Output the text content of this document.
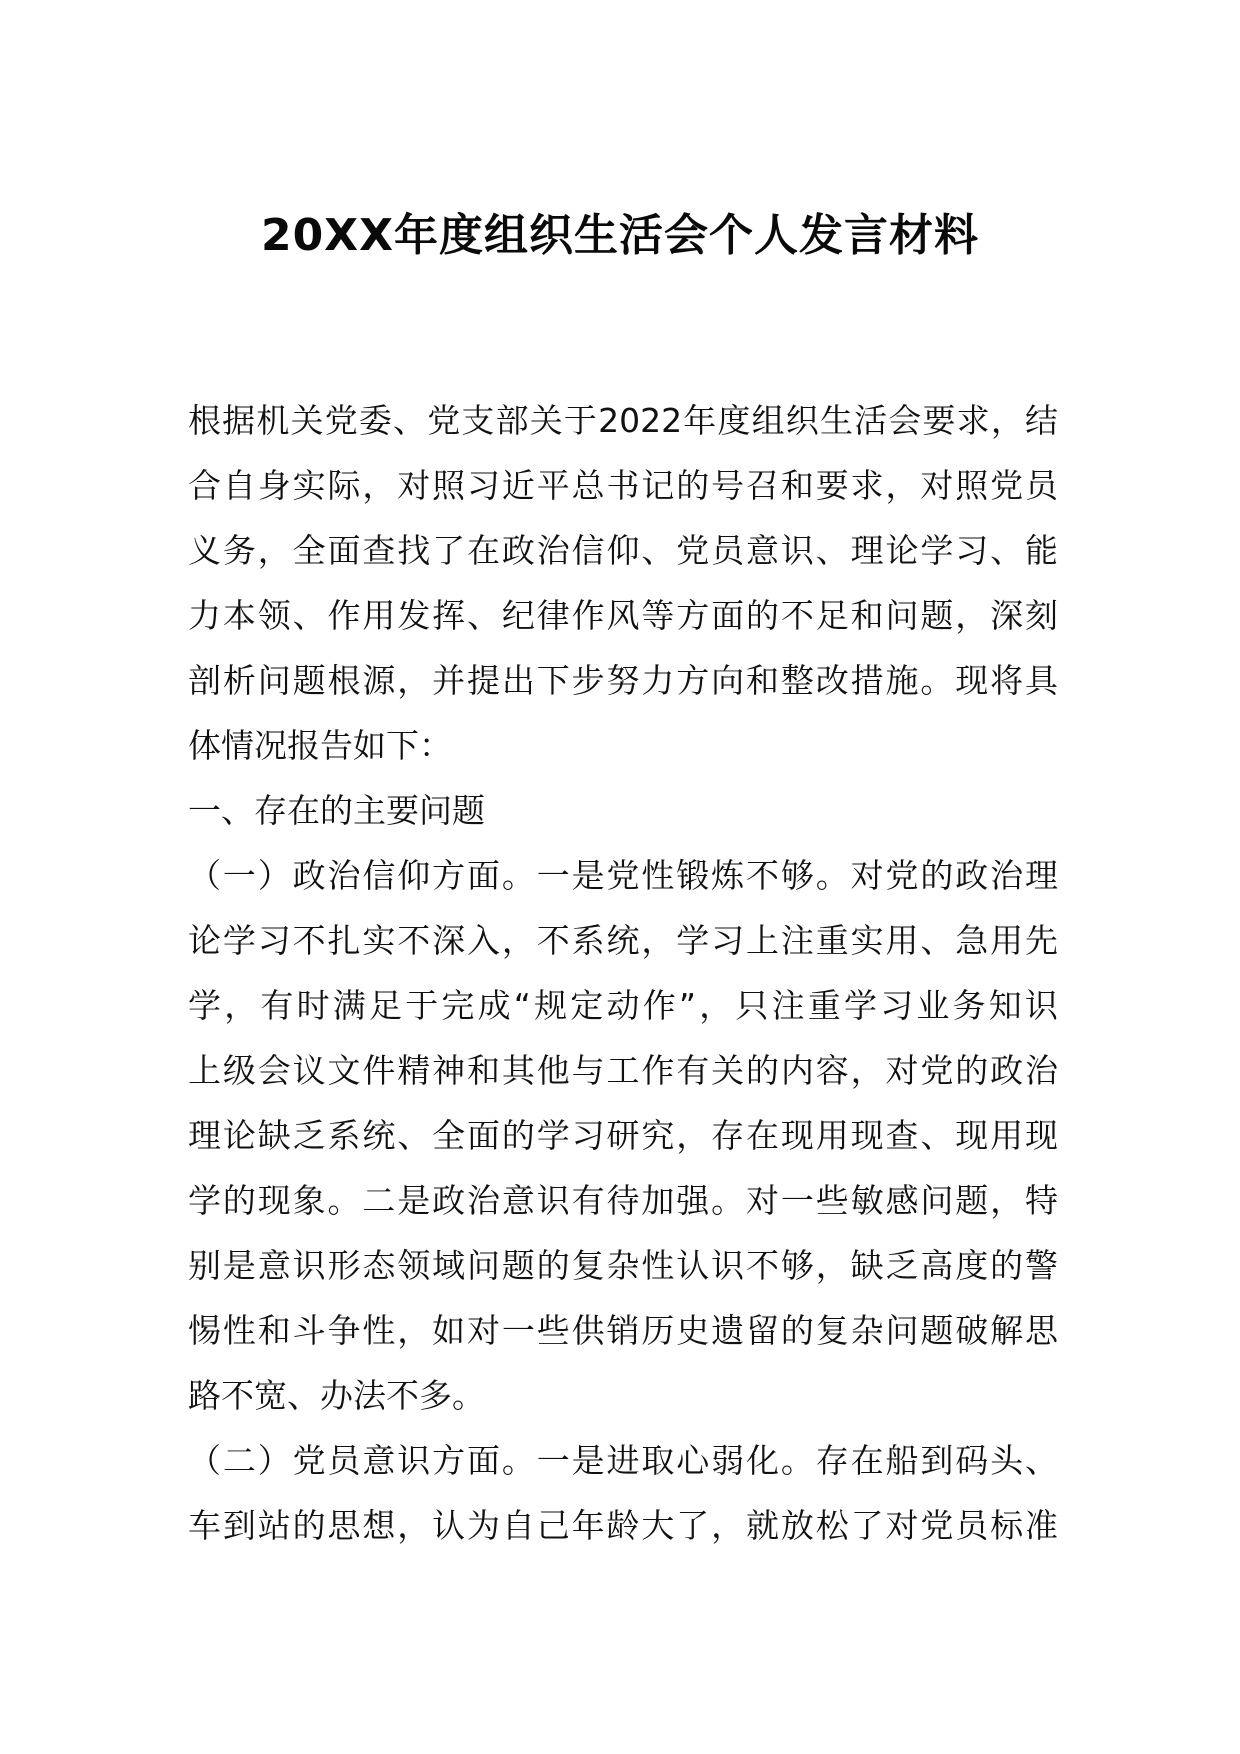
20XX年度组织生活会个人发言材料
根据机关党委、党支部关于2022年度组织生活会要求，结
合自身实际，对照习近平总书记的号召和要求，对照党员
义务，全面查找了在政治信仰、党员意识、理论学习、能
力本领、作用发挥、纪律作风等方面的不足和问题，深刻
剖析问题根源，并提出下步努力方向和整改措施。现将具
体情况报告如下：
一、存在的主要问题
（一）政治信仰方面。一是党性锻炼不够。对党的政治理
论学习不扎实不深入，不系统，学习上注重实用、急用先
学，有时满足于完成“规定动作”，只注重学习业务知识
上级会议文件精神和其他与工作有关的内容，对党的政治
理论缺乏系统、全面的学习研究，存在现用现查、现用现
学的现象。二是政治意识有待加强。对一些敏感问题，特
别是意识形态领域问题的复杂性认识不够，缺乏高度的警
惕性和斗争性，如对一些供销历史遗留的复杂问题破解思
路不宽、办法不多。
（二）党员意识方面。一是进取心弱化。存在船到码头、
车到站的思想，认为自己年龄大了，就放松了对党员标准
